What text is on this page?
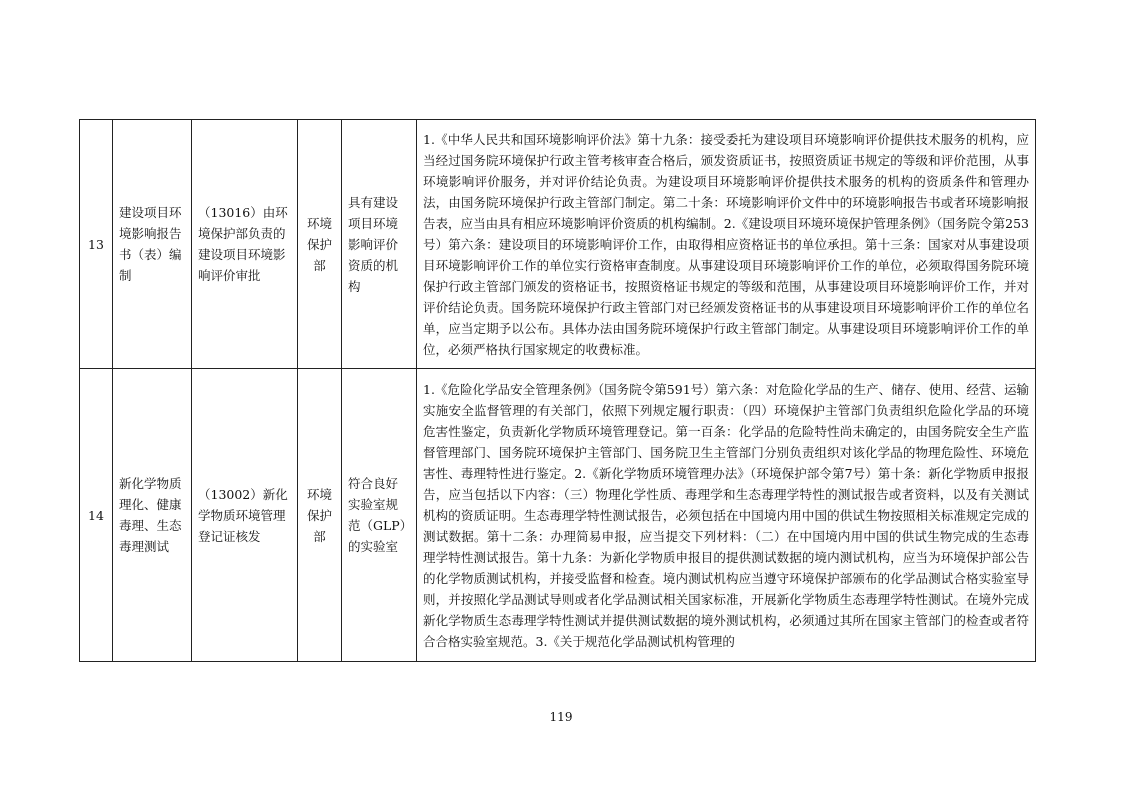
13	建设项目环境影响报告书（表）编制	（13016）由环境保护部负责的建设项目环境影响评价审批	环境保护部	具有建设项目环境影响评价资质的机构	1.《中华人民共和国环境影响评价法》第十九条：接受委托为建设项目环境影响评价提供技术服务的机构，应当经过国务院环境保护行政主管考核审查合格后，颁发资质证书，按照资质证书规定的等级和评价范围，从事环境影响评价服务，并对评价结论负责。为建设项目环境影响评价提供技术服务的机构的资质条件和管理办法，由国务院环境保护行政主管部门制定。第二十条：环境影响评价文件中的环境影响报告书或者环境影响报告表，应当由具有相应环境影响评价资质的机构编制。2.《建设项目环境环境保护管理条例》（国务院令第253号）第六条：建设项目的环境影响评价工作，由取得相应资格证书的单位承担。第十三条：国家对从事建设项目环境影响评价工作的单位实行资格审查制度。从事建设项目环境影响评价工作的单位，必须取得国务院环境保护行政主管部门颁发的资格证书，按照资格证书规定的等级和范围，从事建设项目环境影响评价工作，并对评价结论负责。国务院环境保护行政主管部门对已经颁发资格证书的从事建设项目环境影响评价工作的单位名单，应当定期予以公布。具体办法由国务院环境保护行政主管部门制定。从事建设项目环境影响评价工作的单位，必须严格执行国家规定的收费标准。
14	新化学物质理化、健康毒理、生态毒理测试	（13002）新化学物质环境管理登记证核发	环境保护部	符合良好实验室规范（GLP）的实验室	1.《危险化学品安全管理条例》（国务院令第591号）第六条：对危险化学品的生产、储存、使用、经营、运输实施安全监督管理的有关部门，依照下列规定履行职责：（四）环境保护主管部门负责组织危险化学品的环境危害性鉴定，负责新化学物质环境管理登记。第一百条：化学品的危险特性尚未确定的，由国务院安全生产监督管理部门、国务院环境保护主管部门、国务院卫生主管部门分别负责组织对该化学品的物理危险性、环境危害性、毒理特性进行鉴定。2.《新化学物质环境管理办法》（环境保护部令第7号）第十条：新化学物质申报报告，应当包括以下内容：（三）物理化学性质、毒理学和生态毒理学特性的测试报告或者资料，以及有关测试机构的资质证明。生态毒理学特性测试报告，必须包括在中国境内用中国的供试生物按照相关标准规定完成的测试数据。第十二条：办理简易申报，应当提交下列材料：（二）在中国境内用中国的供试生物完成的生态毒理学特性测试报告。第十九条：为新化学物质申报目的提供测试数据的境内测试机构，应当为环境保护部公告的化学物质测试机构，并接受监督和检查。境内测试机构应当遵守环境保护部颁布的化学品测试合格实验室导则，并按照化学品测试导则或者化学品测试相关国家标准，开展新化学物质生态毒理学特性测试。在境外完成新化学物质生态毒理学特性测试并提供测试数据的境外测试机构，必须通过其所在国家主管部门的检查或者符合合格实验室规范。3.《关于规范化学品测试机构管理的
119
